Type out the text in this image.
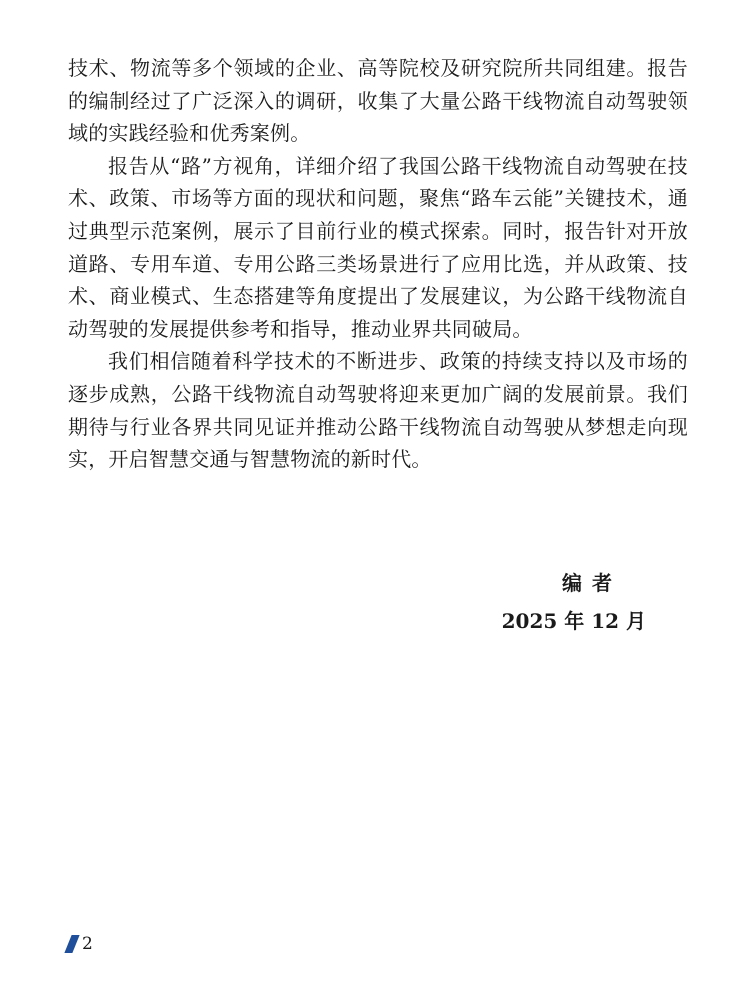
技术、物流等多个领域的企业、高等院校及研究院所共同组建。报告的编制经过了广泛深入的调研，收集了大量公路干线物流自动驾驶领域的实践经验和优秀案例。

报告从“路”方视角，详细介绍了我国公路干线物流自动驾驶在技术、政策、市场等方面的现状和问题，聚焦“路车云能”关键技术，通过典型示范案例，展示了目前行业的模式探索。同时，报告针对开放道路、专用车道、专用公路三类场景进行了应用比选，并从政策、技术、商业模式、生态搭建等角度提出了发展建议，为公路干线物流自动驾驶的发展提供参考和指导，推动业界共同破局。

我们相信随着科学技术的不断进步、政策的持续支持以及市场的逐步成熟，公路干线物流自动驾驶将迎来更加广阔的发展前景。我们期待与行业各界共同见证并推动公路干线物流自动驾驶从梦想走向现实，开启智慧交通与智慧物流的新时代。

编者
2025 年 12 月
2
